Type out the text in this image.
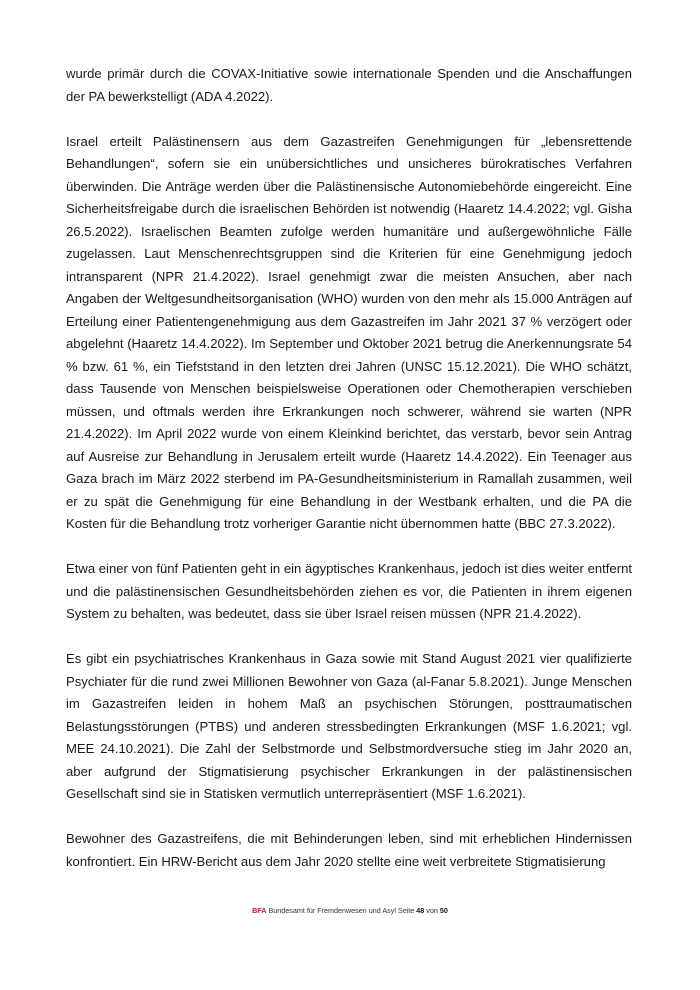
wurde primär durch die COVAX-Initiative sowie internationale Spenden und die Anschaffungen der PA bewerkstelligt (ADA 4.2022).

Israel erteilt Palästinensern aus dem Gazastreifen Genehmigungen für „lebensrettende Behandlungen“, sofern sie ein unübersichtliches und unsicheres bürokratisches Verfahren überwinden. Die Anträge werden über die Palästinensische Autonomiebehörde eingereicht. Eine Sicherheitsfreigabe durch die israelischen Behörden ist notwendig (Haaretz 14.4.2022; vgl. Gisha 26.5.2022). Israelischen Beamten zufolge werden humanitäre und außergewöhnliche Fälle zugelassen. Laut Menschenrechtsgruppen sind die Kriterien für eine Genehmigung jedoch intransparent (NPR 21.4.2022). Israel genehmigt zwar die meisten Ansuchen, aber nach Angaben der Weltgesundheitsorganisation (WHO) wurden von den mehr als 15.000 Anträgen auf Erteilung einer Patientengenehmigung aus dem Gazastreifen im Jahr 2021 37 % verzögert oder abgelehnt (Haaretz 14.4.2022). Im September und Oktober 2021 betrug die Anerkennungsrate 54 % bzw. 61 %, ein Tiefststand in den letzten drei Jahren (UNSC 15.12.2021). Die WHO schätzt, dass Tausende von Menschen beispielsweise Operationen oder Chemotherapien verschieben müssen, und oftmals werden ihre Erkrankungen noch schwerer, während sie warten (NPR 21.4.2022). Im April 2022 wurde von einem Kleinkind berichtet, das verstarb, bevor sein Antrag auf Ausreise zur Behandlung in Jerusalem erteilt wurde (Haaretz 14.4.2022). Ein Teenager aus Gaza brach im März 2022 sterbend im PA-Gesundheitsministerium in Ramallah zusammen, weil er zu spät die Genehmigung für eine Behandlung in der Westbank erhalten, und die PA die Kosten für die Behandlung trotz vorheriger Garantie nicht übernommen hatte (BBC 27.3.2022).

Etwa einer von fünf Patienten geht in ein ägyptisches Krankenhaus, jedoch ist dies weiter entfernt und die palästinensischen Gesundheitsbehörden ziehen es vor, die Patienten in ihrem eigenen System zu behalten, was bedeutet, dass sie über Israel reisen müssen (NPR 21.4.2022).

Es gibt ein psychiatrisches Krankenhaus in Gaza sowie mit Stand August 2021 vier qualifizierte Psychiater für die rund zwei Millionen Bewohner von Gaza (al-Fanar 5.8.2021). Junge Menschen im Gazastreifen leiden in hohem Maß an psychischen Störungen, posttraumatischen Belastungsstörungen (PTBS) und anderen stressbedingten Erkrankungen (MSF 1.6.2021; vgl. MEE 24.10.2021). Die Zahl der Selbstmorde und Selbstmordversuche stieg im Jahr 2020 an, aber aufgrund der Stigmatisierung psychischer Erkrankungen in der palästinensischen Gesellschaft sind sie in Statisken vermutlich unterrepräsentiert (MSF 1.6.2021).

Bewohner des Gazastreifens, die mit Behinderungen leben, sind mit erheblichen Hindernissen konfrontiert. Ein HRW-Bericht aus dem Jahr 2020 stellte eine weit verbreitete Stigmatisierung

BFA Bundesamt für Fremdenwesen und Asyl Seite 48 von 50
